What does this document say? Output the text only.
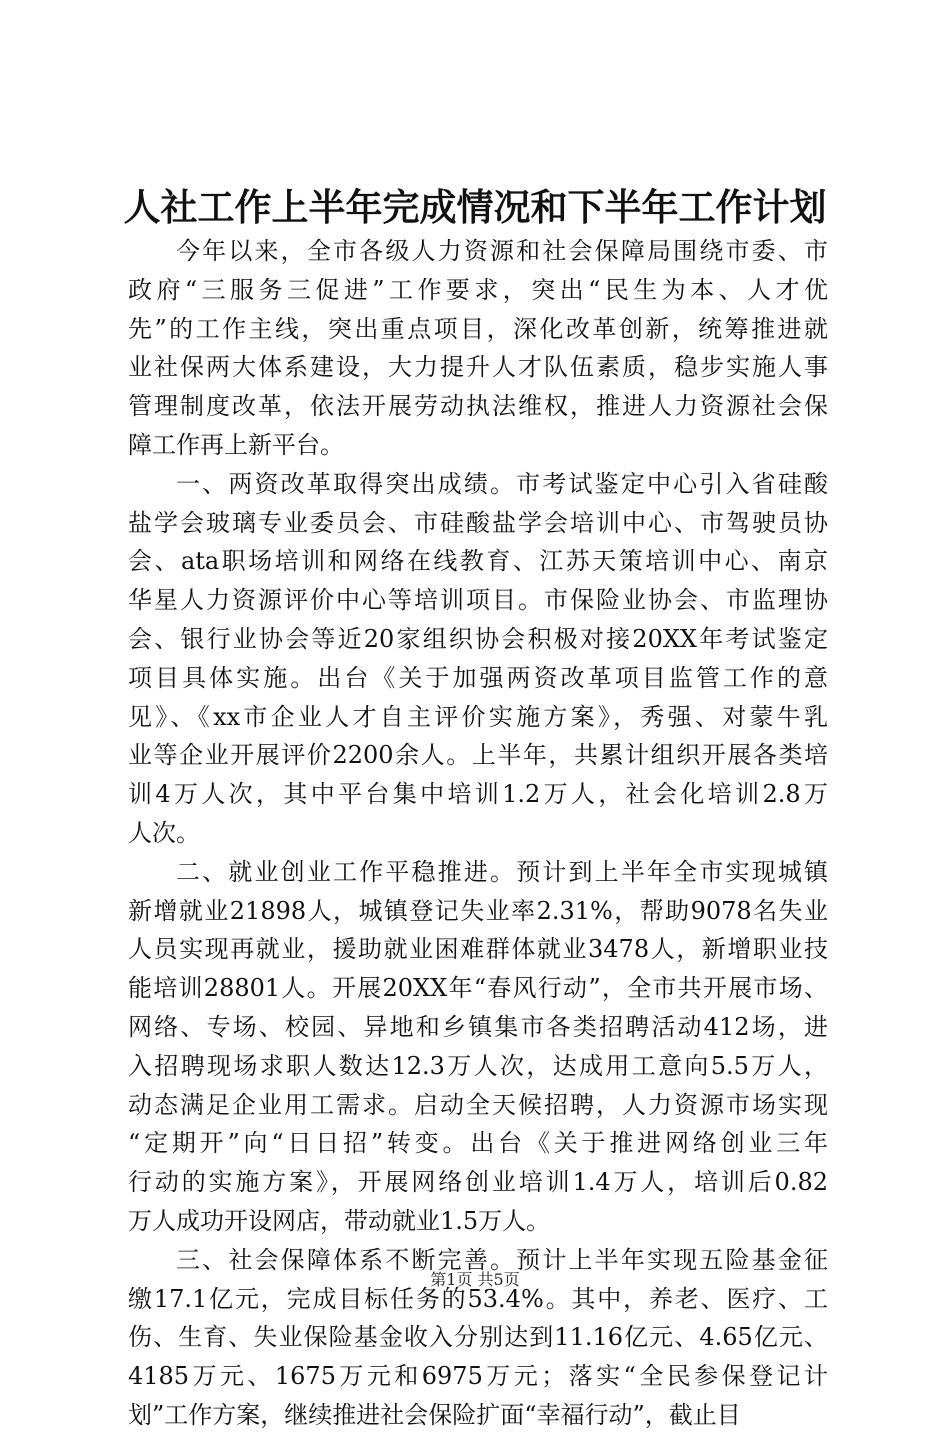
人社工作上半年完成情况和下半年工作计划
今年以来，全市各级人力资源和社会保障局围绕市委、市
政府“三服务三促进”工作要求，突出“民生为本、人才优
先”的工作主线，突出重点项目，深化改革创新，统筹推进就
业社保两大体系建设，大力提升人才队伍素质，稳步实施人事
管理制度改革，依法开展劳动执法维权，推进人力资源社会保
障工作再上新平台。
一、两资改革取得突出成绩。市考试鉴定中心引入省硅酸
盐学会玻璃专业委员会、市硅酸盐学会培训中心、市驾驶员协
会、ata职场培训和网络在线教育、江苏天策培训中心、南京
华星人力资源评价中心等培训项目。市保险业协会、市监理协
会、银行业协会等近20家组织协会积极对接20XX年考试鉴定
项目具体实施。出台《关于加强两资改革项目监管工作的意
见》、《xx市企业人才自主评价实施方案》，秀强、对蒙牛乳
业等企业开展评价2200余人。上半年，共累计组织开展各类培
训4万人次，其中平台集中培训1.2万人，社会化培训2.8万
人次。
二、就业创业工作平稳推进。预计到上半年全市实现城镇
新增就业21898人，城镇登记失业率2.31%，帮助9078名失业
人员实现再就业，援助就业困难群体就业3478人，新增职业技
能培训28801人。开展20XX年“春风行动”，全市共开展市场、
网络、专场、校园、异地和乡镇集市各类招聘活动412场，进
入招聘现场求职人数达12.3万人次，达成用工意向5.5万人，
动态满足企业用工需求。启动全天候招聘，人力资源市场实现
“定期开”向“日日招”转变。出台《关于推进网络创业三年
行动的实施方案》，开展网络创业培训1.4万人，培训后0.82
万人成功开设网店，带动就业1.5万人。
三、社会保障体系不断完善。预计上半年实现五险基金征
缴17.1亿元，完成目标任务的53.4%。其中，养老、医疗、工
伤、生育、失业保险基金收入分别达到11.16亿元、4.65亿元、
4185万元、1675万元和6975万元；落实“全民参保登记计
划”工作方案，继续推进社会保险扩面“幸福行动”，截止目
第1页 共5页
